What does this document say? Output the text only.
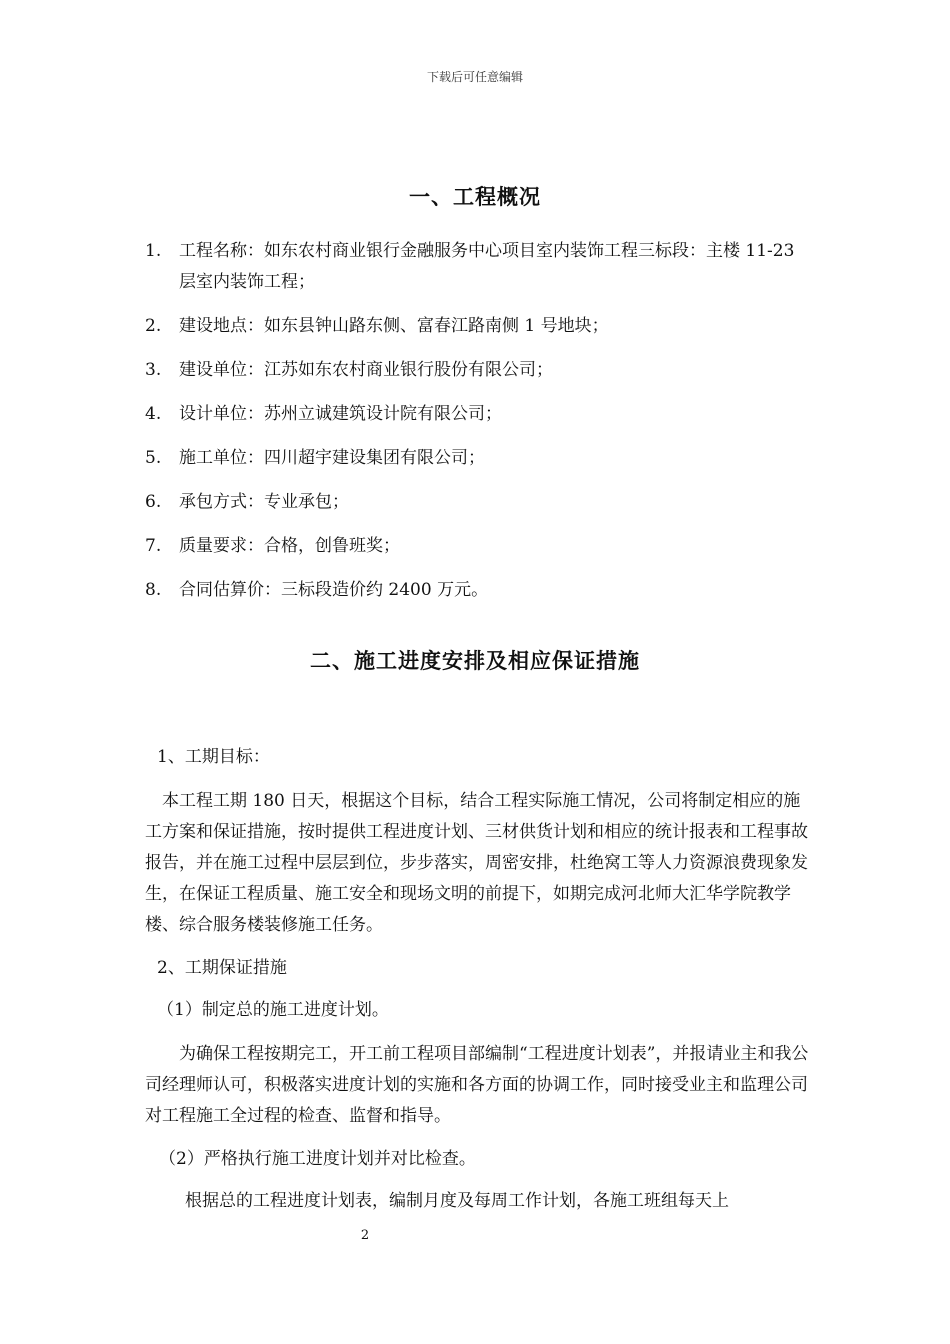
下载后可任意编辑
一、工程概况
1. 工程名称：如东农村商业银行金融服务中心项目室内装饰工程三标段：主楼 11-23 层室内装饰工程；
2. 建设地点：如东县钟山路东侧、富春江路南侧 1 号地块；
3. 建设单位：江苏如东农村商业银行股份有限公司；
4. 设计单位：苏州立诚建筑设计院有限公司；
5. 施工单位：四川超宇建设集团有限公司；
6. 承包方式：专业承包；
7. 质量要求：合格，创鲁班奖；
8. 合同估算价：三标段造价约 2400 万元。
二、施工进度安排及相应保证措施

1、工期目标：

本工程工期 180 日天，根据这个目标，结合工程实际施工情况，公司将制定相应的施工方案和保证措施，按时提供工程进度计划、三材供货计划和相应的统计报表和工程事故报告，并在施工过程中层层到位，步步落实，周密安排，杜绝窝工等人力资源浪费现象发生，在保证工程质量、施工安全和现场文明的前提下，如期完成河北师大汇华学院教学楼、综合服务楼装修施工任务。

2、工期保证措施

（1）制定总的施工进度计划。

为确保工程按期完工，开工前工程项目部编制“工程进度计划表”，并报请业主和我公司经理师认可，积极落实进度计划的实施和各方面的协调工作，同时接受业主和监理公司对工程施工全过程的检查、监督和指导。

（2）严格执行施工进度计划并对比检查。

根据总的工程进度计划表，编制月度及每周工作计划，各施工班组每天上

2
